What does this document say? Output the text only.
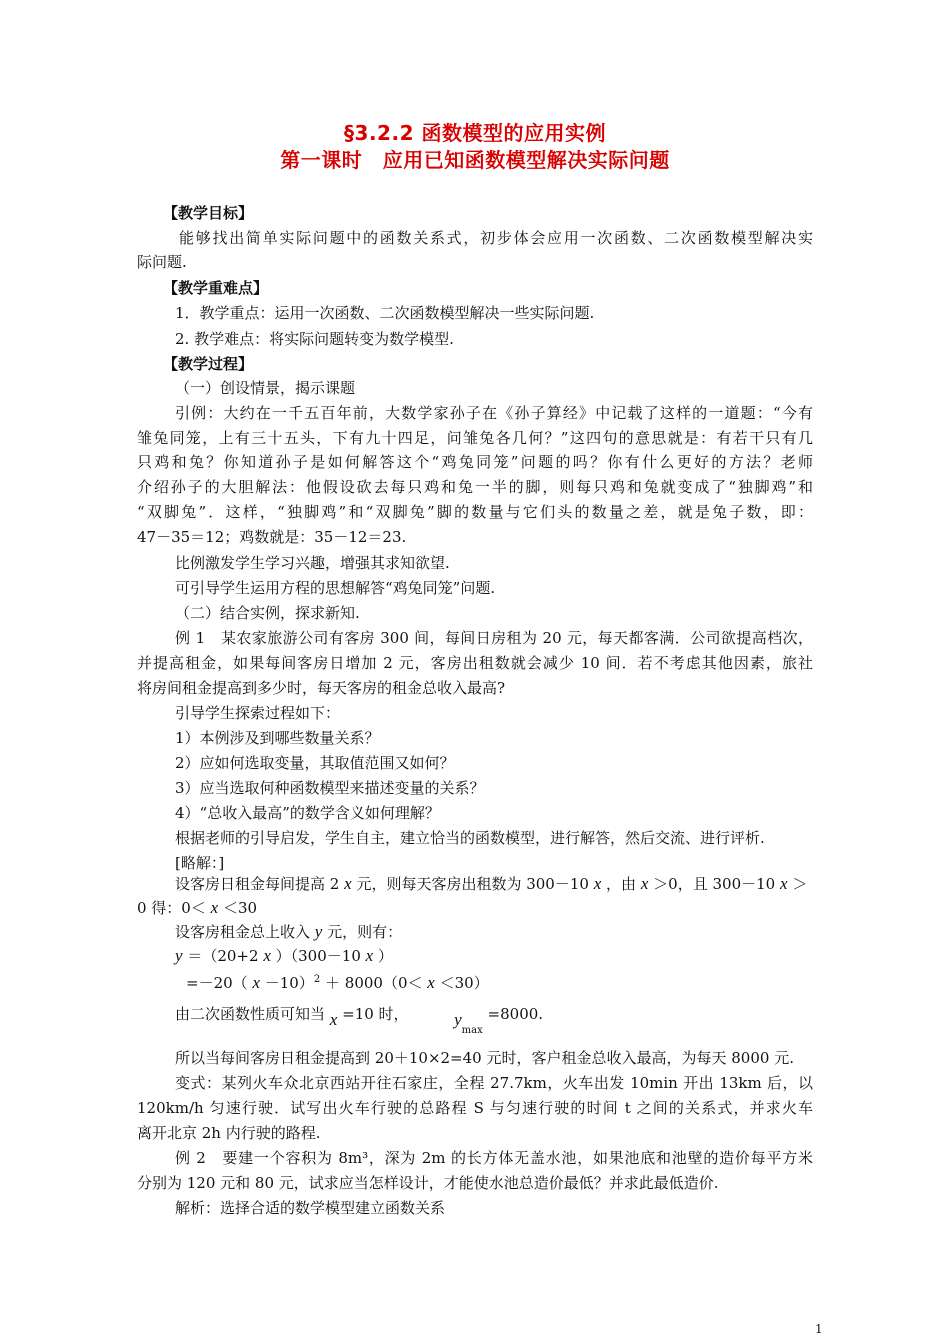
§3.2.2 函数模型的应用实例
第一课时　应用已知函数模型解决实际问题
【教学目标】
能够找出简单实际问题中的函数关系式，初步体会应用一次函数、二次函数模型解决实
际问题.
【教学重难点】
1．教学重点：运用一次函数、二次函数模型解决一些实际问题.
2. 教学难点：将实际问题转变为数学模型.
【教学过程】
（一）创设情景，揭示课题
引例：大约在一千五百年前，大数学家孙子在《孙子算经》中记载了这样的一道题：“今有
雏兔同笼，上有三十五头，下有九十四足，问雏兔各几何？”这四句的意思就是：有若干只有几
只鸡和兔？你知道孙子是如何解答这个“鸡兔同笼”问题的吗？你有什么更好的方法？老师
介绍孙子的大胆解法：他假设砍去每只鸡和兔一半的脚，则每只鸡和兔就变成了“独脚鸡”和
“双脚兔”．这样，“独脚鸡”和“双脚兔”脚的数量与它们头的数量之差，就是兔子数，即：
47－35＝12；鸡数就是：35－12＝23.
比例激发学生学习兴趣，增强其求知欲望.
可引导学生运用方程的思想解答“鸡兔同笼”问题.
（二）结合实例，探求新知.
例 1　某农家旅游公司有客房 300 间，每间日房租为 20 元，每天都客满．公司欲提高档次，
并提高租金，如果每间客房日增加 2 元，客房出租数就会减少 10 间．若不考虑其他因素，旅社
将房间租金提高到多少时，每天客房的租金总收入最高?
引导学生探索过程如下：
1）本例涉及到哪些数量关系？
2）应如何选取变量，其取值范围又如何？
3）应当选取何种函数模型来描述变量的关系？
4）“总收入最高”的数学含义如何理解？
根据老师的引导启发，学生自主，建立恰当的函数模型，进行解答，然后交流、进行评析.
[略解：]
设客房日租金每间提高 2 x 元，则每天客房出租数为 300－10 x ，由 x ＞0，且 300－10 x ＞
0 得：0＜ x ＜30
设客房租金总上收入 y 元，则有：
y ＝（20+2 x ）（300－10 x ）
=－20（ x －10）$^2$ ＋ 8000（0＜ x ＜30）
由二次函数性质可知当 x =10 时，	$y_{max} =8000$.
所以当每间客房日租金提高到 20＋10×2=40 元时，客户租金总收入最高，为每天 8000 元.
变式：某列火车众北京西站开往石家庄，全程 27.7km，火车出发 10min 开出 13km 后，以
120km/h 匀速行驶．试写出火车行驶的总路程 S 与匀速行驶的时间 t 之间的关系式，并求火车
离开北京 2h 内行驶的路程.
例 2　要建一个容积为 8m³，深为 2m 的长方体无盖水池，如果池底和池壁的造价每平方米
分别为 120 元和 80 元，试求应当怎样设计，才能使水池总造价最低？并求此最低造价.
解析：选择合适的数学模型建立函数关系
1
